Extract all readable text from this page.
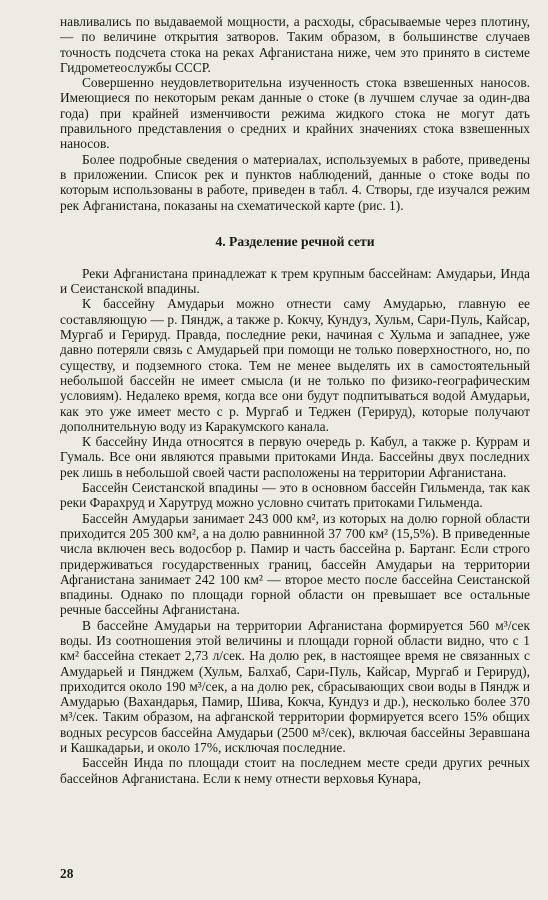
навливались по выдаваемой мощности, а расходы, сбрасываемые через плотину, — по величине открытия затворов. Таким образом, в большинстве случаев точность подсчета стока на реках Афганистана ниже, чем это принято в системе Гидрометеослужбы СССР.

Совершенно неудовлетворительна изученность стока взвешенных наносов. Имеющиеся по некоторым рекам данные о стоке (в лучшем случае за один-два года) при крайней изменчивости режима жидкого стока не могут дать правильного представления о средних и крайних значениях стока взвешенных наносов.

Более подробные сведения о материалах, используемых в работе, приведены в приложении. Список рек и пунктов наблюдений, данные о стоке воды по которым использованы в работе, приведен в табл. 4. Створы, где изучался режим рек Афганистана, показаны на схематической карте (рис. 1).

4. Разделение речной сети

Реки Афганистана принадлежат к трем крупным бассейнам: Амударьи, Инда и Сеистанской впадины.

К бассейну Амударьи можно отнести саму Амударью, главную ее составляющую — р. Пяндж, а также р. Кокчу, Кундуз, Хульм, Сари-Пуль, Кайсар, Мургаб и Герируд. Правда, последние реки, начиная с Хульма и западнее, уже давно потеряли связь с Амударьей при помощи не только поверхностного, но, по существу, и подземного стока. Тем не менее выделять их в самостоятельный небольшой бассейн не имеет смысла (и не только по физико-географическим условиям). Недалеко время, когда все они будут подпитываться водой Амударьи, как это уже имеет место с р. Мургаб и Теджен (Герируд), которые получают дополнительную воду из Каракумского канала.

К бассейну Инда относятся в первую очередь р. Кабул, а также р. Куррам и Гумаль. Все они являются правыми притоками Инда. Бассейны двух последних рек лишь в небольшой своей части расположены на территории Афганистана.

Бассейн Сеистанской впадины — это в основном бассейн Гильменда, так как реки Фарахруд и Харутруд можно условно считать притоками Гильменда.

Бассейн Амударьи занимает 243 000 км², из которых на долю горной области приходится 205 300 км², а на долю равнинной 37 700 км² (15,5%). В приведенные числа включен весь водосбор р. Памир и часть бассейна р. Бартанг. Если строго придерживаться государственных границ, бассейн Амударьи на территории Афганистана занимает 242 100 км² — второе место после бассейна Сеистанской впадины. Однако по площади горной области он превышает все остальные речные бассейны Афганистана.

В бассейне Амударьи на территории Афганистана формируется 560 м³/сек воды. Из соотношения этой величины и площади горной области видно, что с 1 км² бассейна стекает 2,73 л/сек. На долю рек, в настоящее время не связанных с Амударьей и Пянджем (Хульм, Балхаб, Сари-Пуль, Кайсар, Мургаб и Герируд), приходится около 190 м³/сек, а на долю рек, сбрасывающих свои воды в Пяндж и Амударью (Вахандарья, Памир, Шива, Кокча, Кундуз и др.), несколько более 370 м³/сек. Таким образом, на афганской территории формируется всего 15% общих водных ресурсов бассейна Амударьи (2500 м³/сек), включая бассейны Зеравшана и Кашкадарьи, и около 17%, исключая последние.

Бассейн Инда по площади стоит на последнем месте среди других речных бассейнов Афганистана. Если к нему отнести верховья Кунара,

28
